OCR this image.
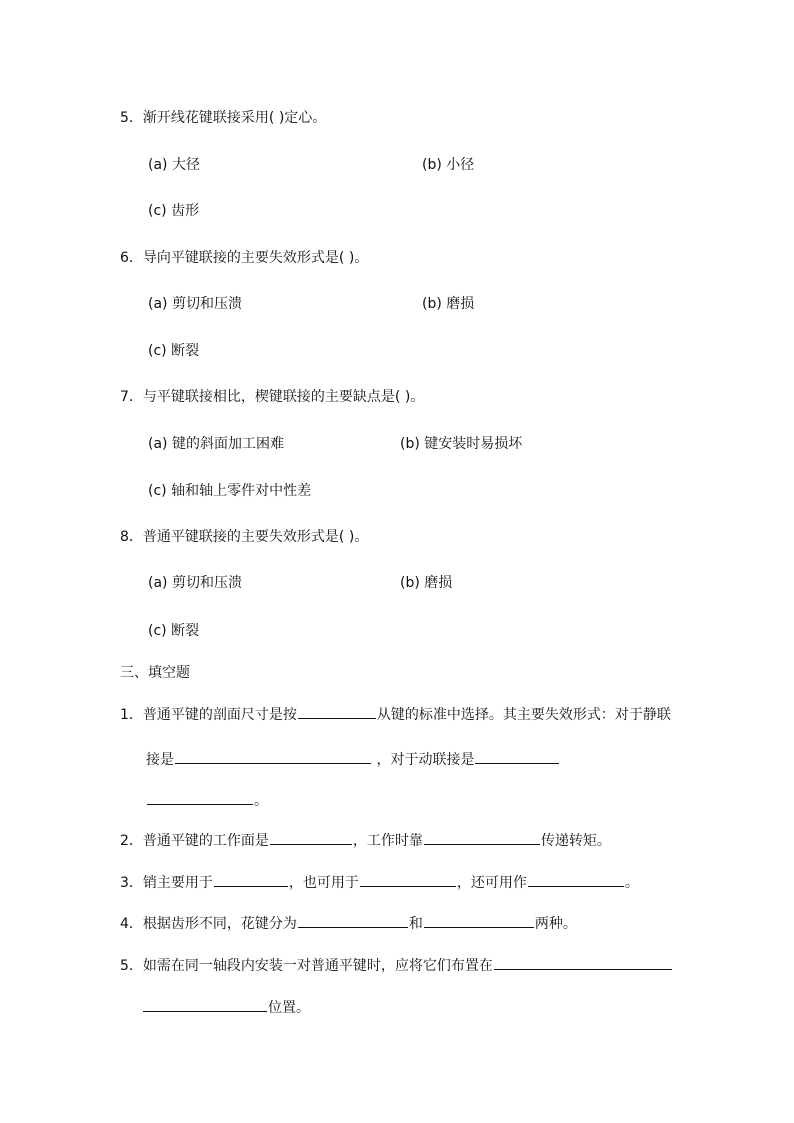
5．渐开线花键联接采用( )定心。
(a) 大径	(b) 小径
(c) 齿形
6．导向平键联接的主要失效形式是( )。
(a) 剪切和压溃	(b) 磨损
(c) 断裂
7．与平键联接相比，楔键联接的主要缺点是( )。
(a) 键的斜面加工困难	(b) 键安装时易损坏
(c) 轴和轴上零件对中性差
8．普通平键联接的主要失效形式是( )。
(a) 剪切和压溃	(b) 磨损
(c) 断裂
三、填空题
1．普通平键的剖面尺寸是按	从键的标准中选择。其主要失效形式：对于静联
接是	，对于动联接是
。
2．普通平键的工作面是	，工作时靠	传递转矩。
3．销主要用于	，也可用于	，还可用作	。
4．根据齿形不同，花键分为	和	两种。
5．如需在同一轴段内安装一对普通平键时，应将它们布置在
位置。
